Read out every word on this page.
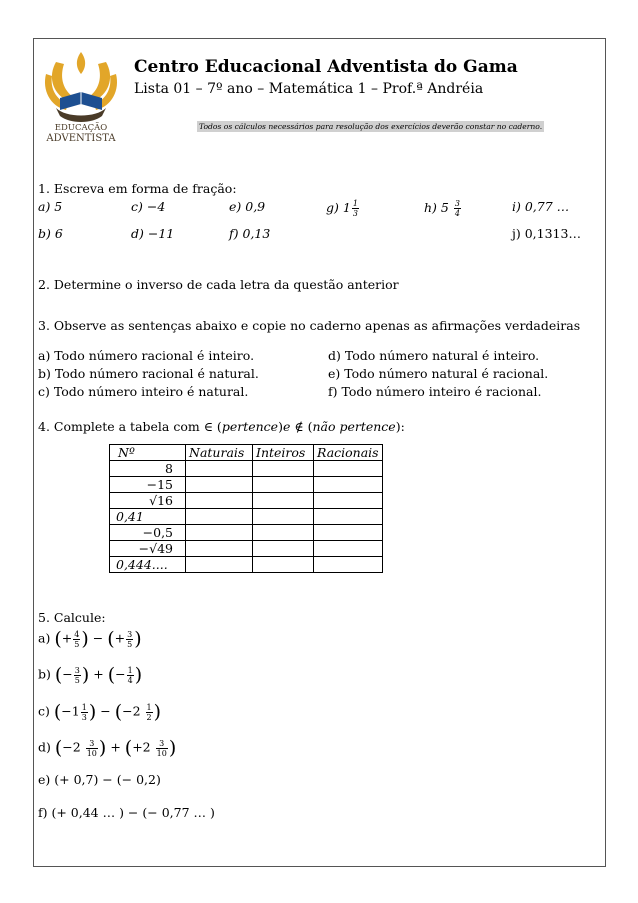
EDUCAÇÃO
ADVENTISTA
Centro Educacional Adventista do Gama
Lista 01 – 7º ano – Matemática 1 – Prof.ª Andréia
Todos os cálculos necessários para resolução dos exercícios deverão constar no caderno.
1. Escreva em forma de fração:
a) 5	c) −4	e) 0,9	g) $1 \frac{1}{3}$	h) $5 \frac{3}{4}$	i) 0,77 …
b) 6	d) −11	f) 0,13	j) 0,1313…
2. Determine o inverso de cada letra da questão anterior
3. Observe as sentenças abaixo e copie no caderno apenas as afirmações verdadeiras
a) Todo número racional é inteiro.
b) Todo número racional é natural.
c) Todo número inteiro é natural.
d) Todo número natural é inteiro.
e) Todo número natural é racional.
f) Todo número inteiro é racional.
4. Complete a tabela com ∈ (pertence)e ∉ (não pertence):
Nº	Naturais	Inteiros	Racionais
8			
−15			
√16			
0,41			
−0,5			
−√49			
0,444....			
5. Calcule:
a) (+ $\frac{4}{5}$ ) − (+ $\frac{3}{5}$ )
b) (− $\frac{3}{5}$ ) + (− $\frac{1}{4}$ )
c) ($-1 \frac{1}{3}$ ) − ($-2 \frac{1}{2}$ )
d) ($-2 \frac{3}{10}$ ) + ($+2 \frac{3}{10}$ )
e) (+ 0,7) − (− 0,2)
f) (+ 0,44 … ) − (− 0,77 … )
